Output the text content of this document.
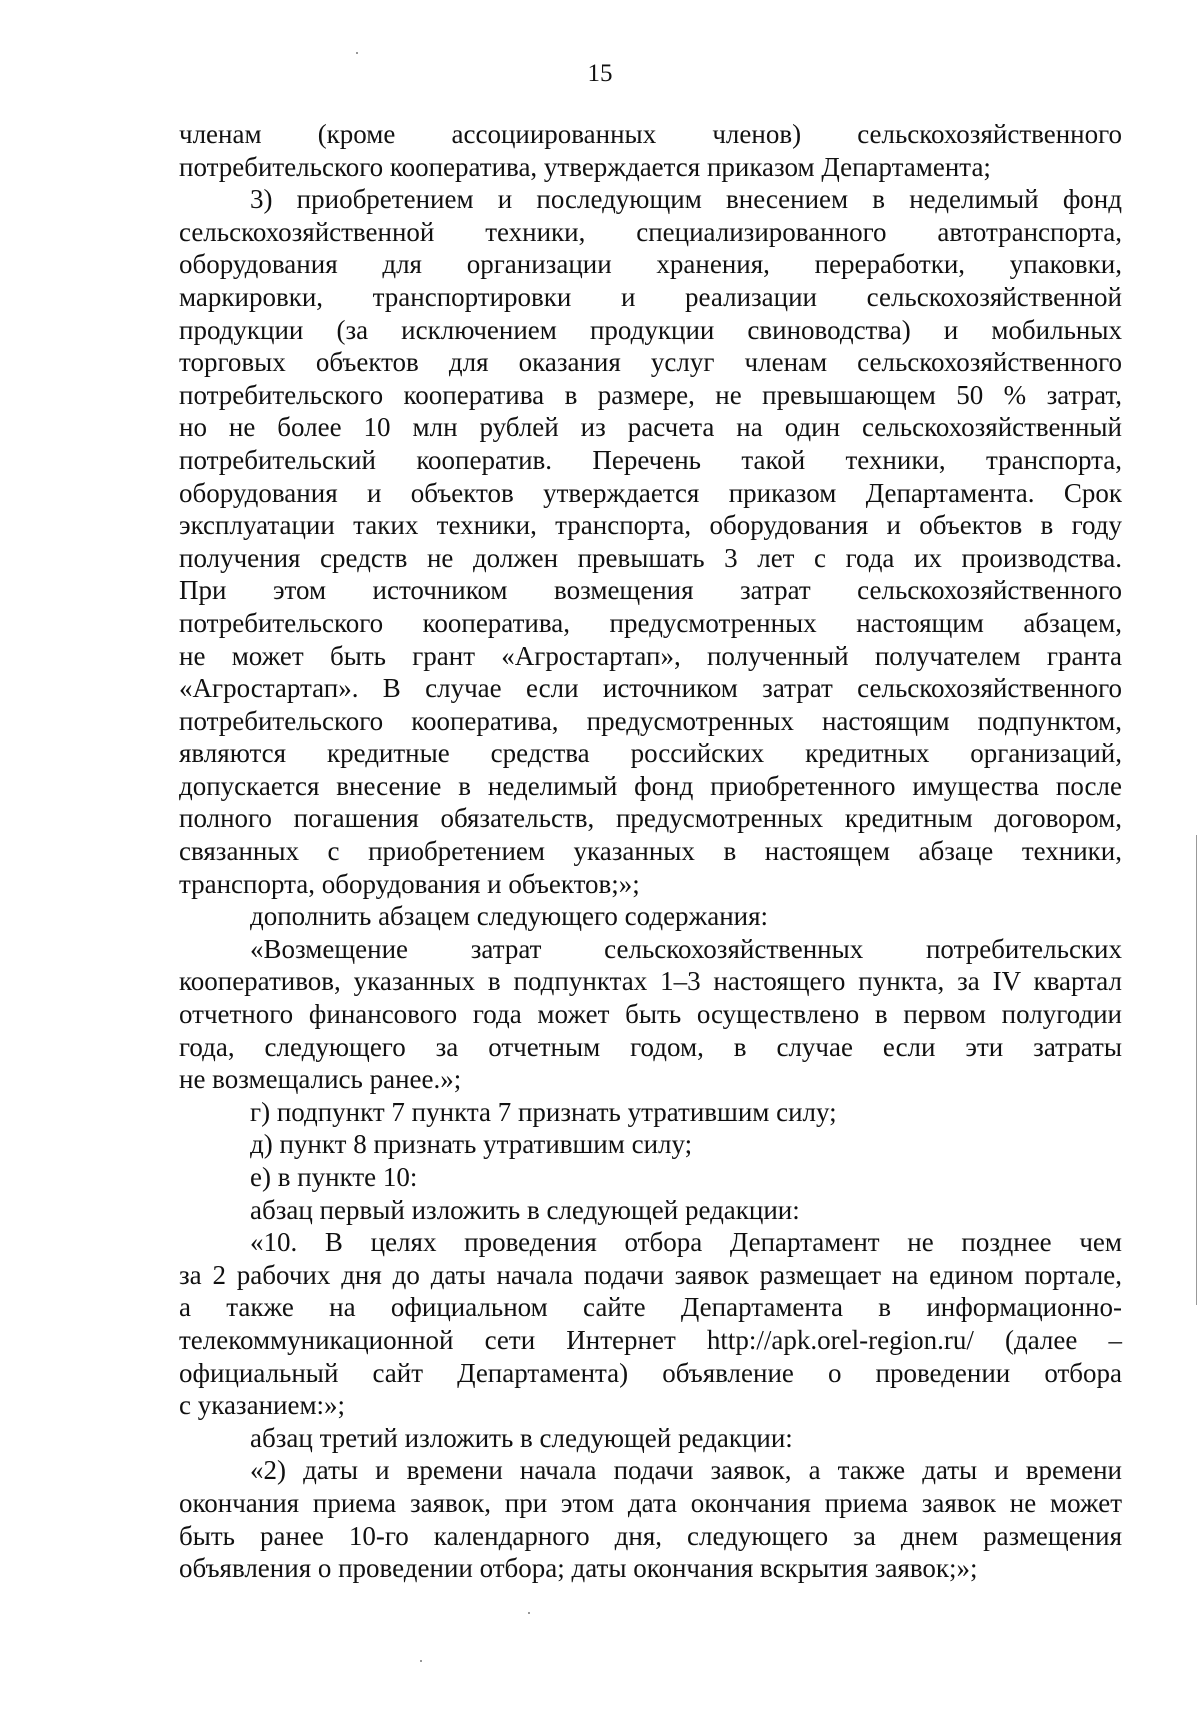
15
членам (кроме ассоциированных членов) сельскохозяйственного
потребительского кооператива, утверждается приказом Департамента;
3) приобретением и последующим внесением в неделимый фонд
сельскохозяйственной техники, специализированного автотранспорта,
оборудования для организации хранения, переработки, упаковки,
маркировки, транспортировки и реализации сельскохозяйственной
продукции (за исключением продукции свиноводства) и мобильных
торговых объектов для оказания услуг членам сельскохозяйственного
потребительского кооператива в размере, не превышающем 50 % затрат,
но не более 10 млн рублей из расчета на один сельскохозяйственный
потребительский кооператив. Перечень такой техники, транспорта,
оборудования и объектов утверждается приказом Департамента. Срок
эксплуатации таких техники, транспорта, оборудования и объектов в году
получения средств не должен превышать 3 лет с года их производства.
При этом источником возмещения затрат сельскохозяйственного
потребительского кооператива, предусмотренных настоящим абзацем,
не может быть грант «Агростартап», полученный получателем гранта
«Агростартап». В случае если источником затрат сельскохозяйственного
потребительского кооператива, предусмотренных настоящим подпунктом,
являются кредитные средства российских кредитных организаций,
допускается внесение в неделимый фонд приобретенного имущества после
полного погашения обязательств, предусмотренных кредитным договором,
связанных с приобретением указанных в настоящем абзаце техники,
транспорта, оборудования и объектов;»;
дополнить абзацем следующего содержания:
«Возмещение затрат сельскохозяйственных потребительских
кооперативов, указанных в подпунктах 1–3 настоящего пункта, за IV квартал
отчетного финансового года может быть осуществлено в первом полугодии
года, следующего за отчетным годом, в случае если эти затраты
не возмещались ранее.»;
г) подпункт 7 пункта 7 признать утратившим силу;
д) пункт 8 признать утратившим силу;
е) в пункте 10:
абзац первый изложить в следующей редакции:
«10. В целях проведения отбора Департамент не позднее чем
за 2 рабочих дня до даты начала подачи заявок размещает на едином портале,
а также на официальном сайте Департамента в информационно-
телекоммуникационной сети Интернет http://apk.orel-region.ru/ (далее –
официальный сайт Департамента) объявление о проведении отбора
с указанием:»;
абзац третий изложить в следующей редакции:
«2) даты и времени начала подачи заявок, а также даты и времени
окончания приема заявок, при этом дата окончания приема заявок не может
быть ранее 10-го календарного дня, следующего за днем размещения
объявления о проведении отбора; даты окончания вскрытия заявок;»;
